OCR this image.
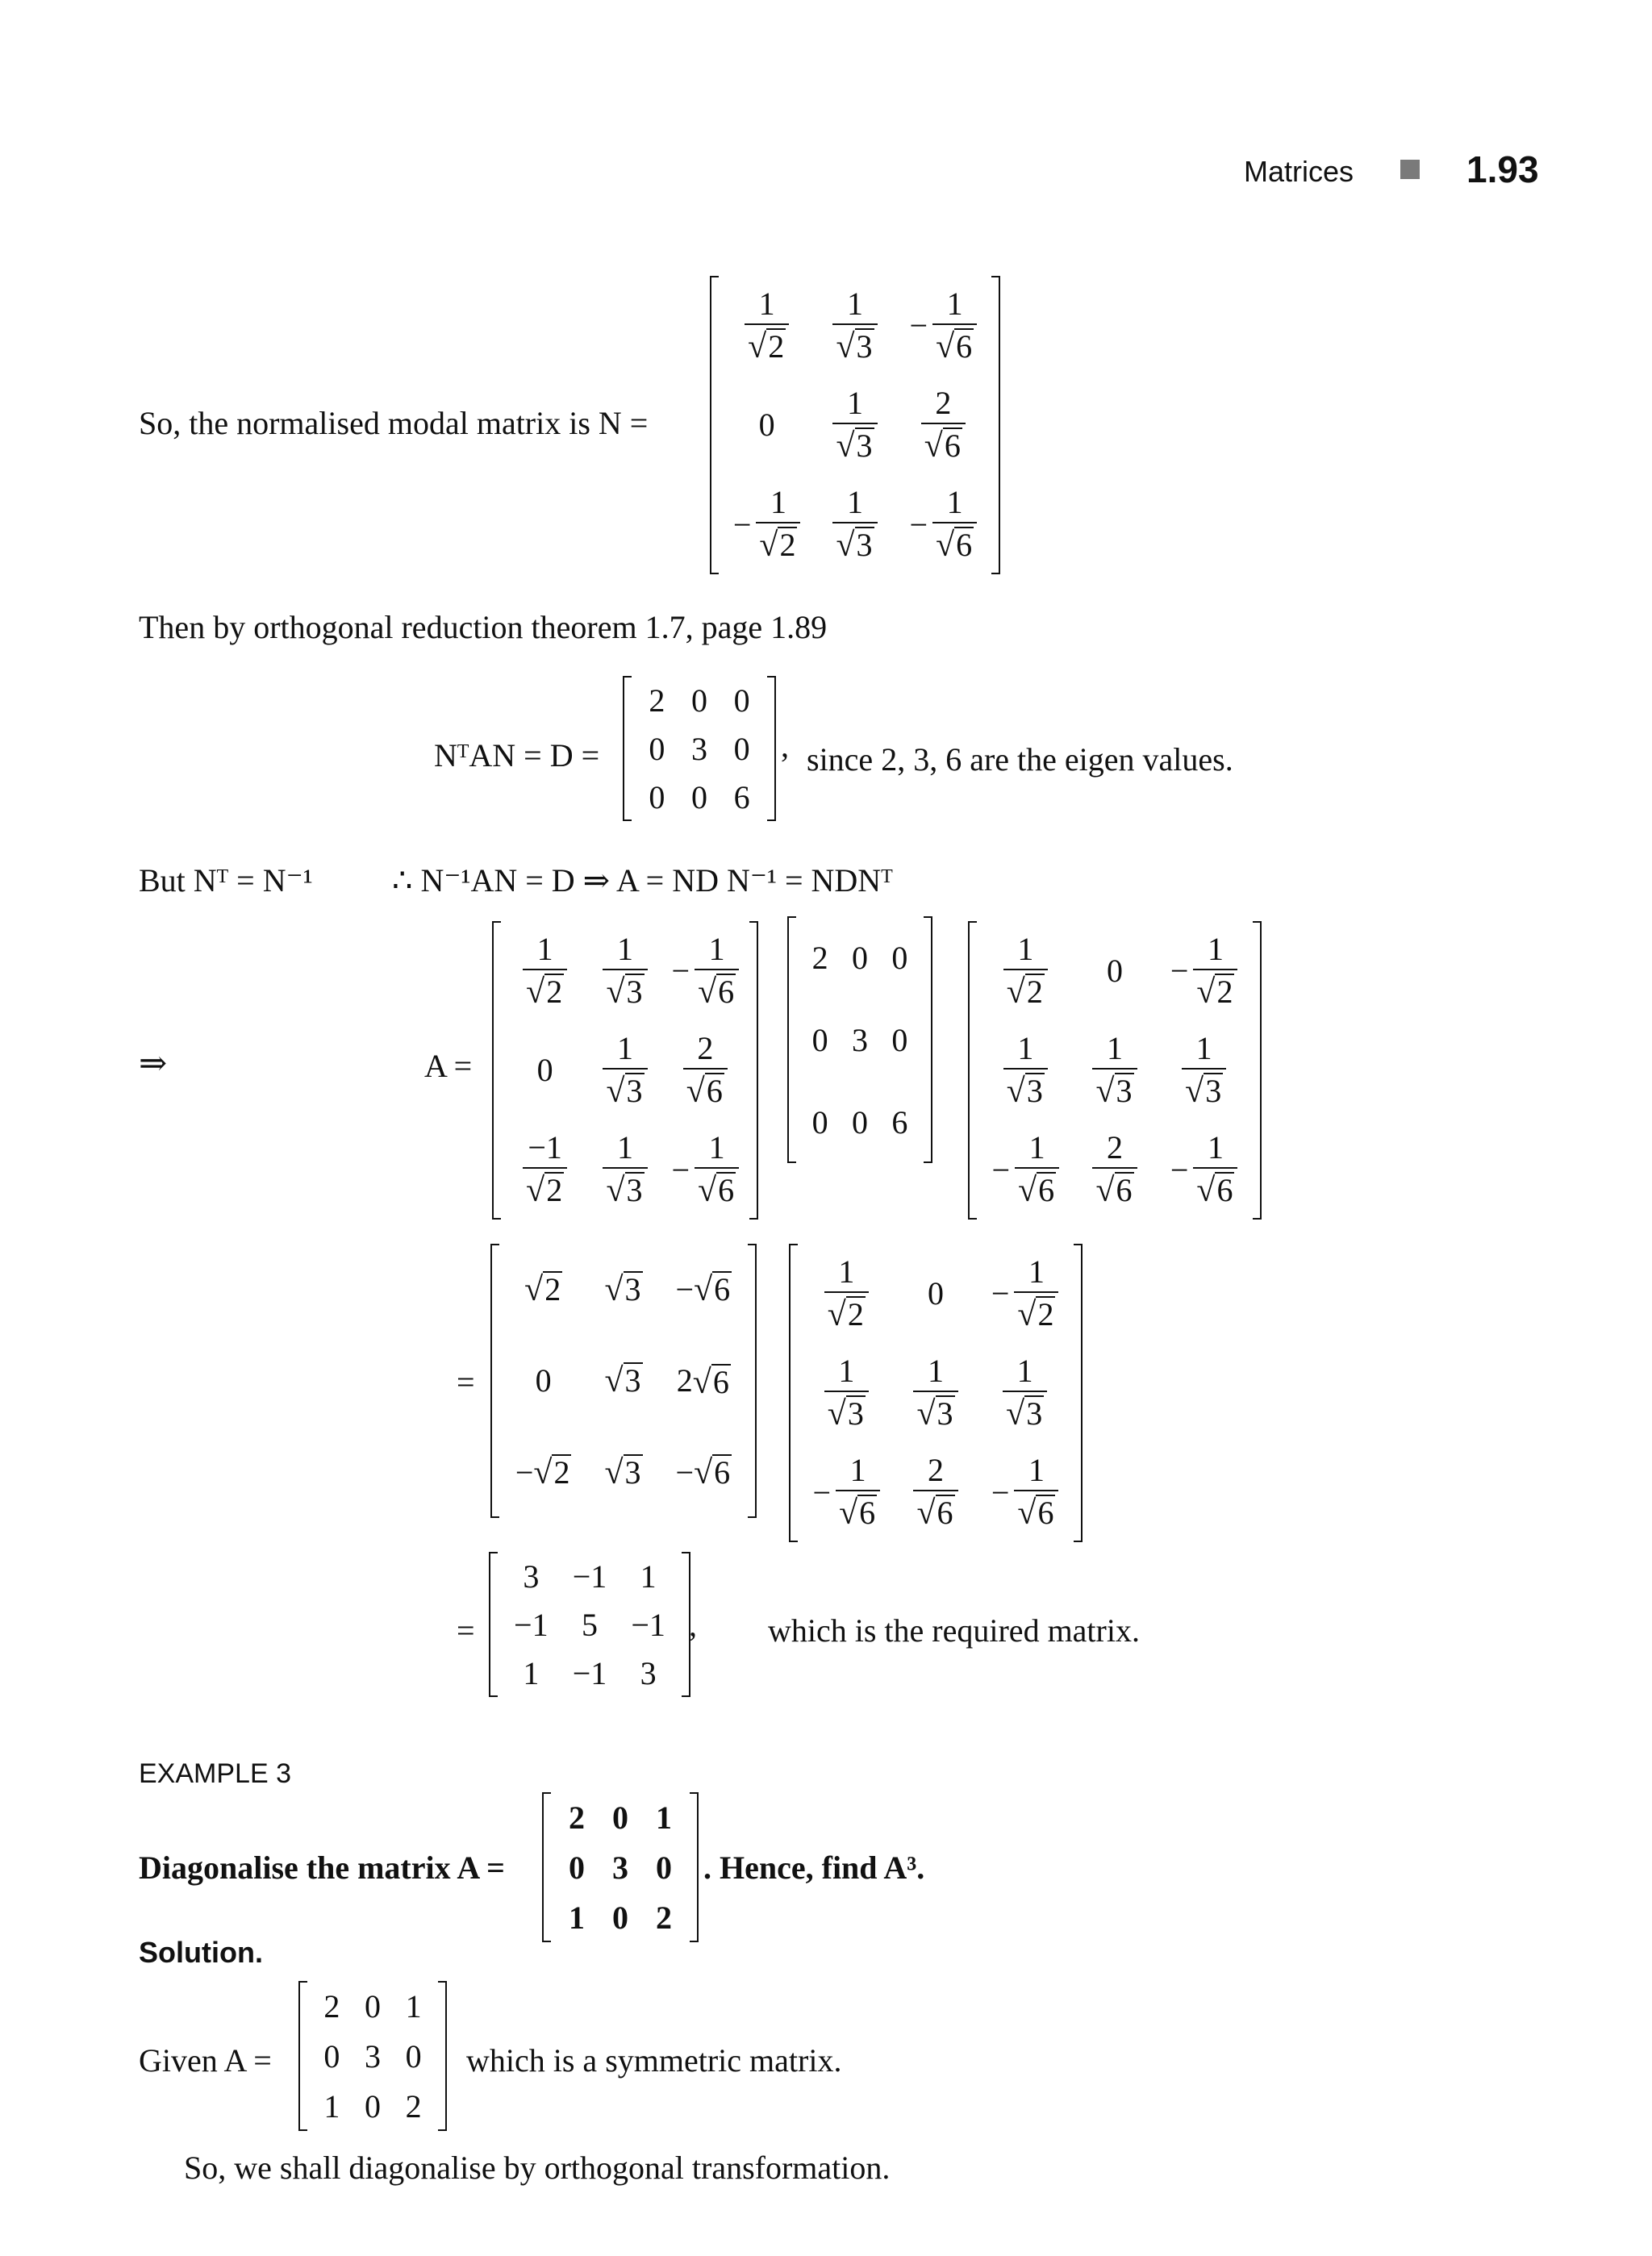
Matrices	1.93
So, the normalised modal matrix is N =
$\frac{1}{√ 2} \frac{1}{√ 3} - \frac{1}{√ 6}$
$0 \frac{1}{√ 3} \frac{2}{√ 6}$
− $\frac{1}{√ 2} \frac{1}{√ 3} - \frac{1}{√ 6}$
Then by orthogonal reduction theorem 1.7, page 1.89
NᵀAN = D =
2 0 0
0 3 0
0 0 6
, since 2, 3, 6 are the eigen values.
But Nᵀ = N⁻¹ ∴ N⁻¹AN = D ⇒ A = ND N⁻¹ = NDNᵀ
⇒	A =
$\frac{1}{√ 2} \frac{1}{√ 3} - \frac{1}{√ 6}$
$0 \frac{1}{√ 3} \frac{2}{√ 6}$
$\frac{-1}{√ 2} \frac{1}{√ 3} - \frac{1}{√ 6}$
2 0 0
0 3 0
0 0 6
$\frac{1}{√ 2} 0 - \frac{1}{√ 2}$
$\frac{1}{√ 3} \frac{1}{√ 3} \frac{1}{√ 3}$
− $\frac{1}{√ 6} \frac{2}{√ 6} - \frac{1}{√ 6}$
=
√ 2 √ 3 − √ 6
0 √ 3 2 √ 6
− √ 2 √ 3 − √ 6
$\frac{1}{√ 2} 0 - \frac{1}{√ 2}$
$\frac{1}{√ 3} \frac{1}{√ 3} \frac{1}{√ 3}$
− $\frac{1}{√ 6} \frac{2}{√ 6} - \frac{1}{√ 6}$
=
3 −1 1
−1 5 −1
1 −1 3
, which is the required matrix.
EXAMPLE 3
Diagonalise the matrix A =
2 0 1
0 3 0
1 0 2
. Hence, find A³.
Solution.
Given A =
2 0 1
0 3 0
1 0 2
which is a symmetric matrix.
So, we shall diagonalise by orthogonal transformation.
